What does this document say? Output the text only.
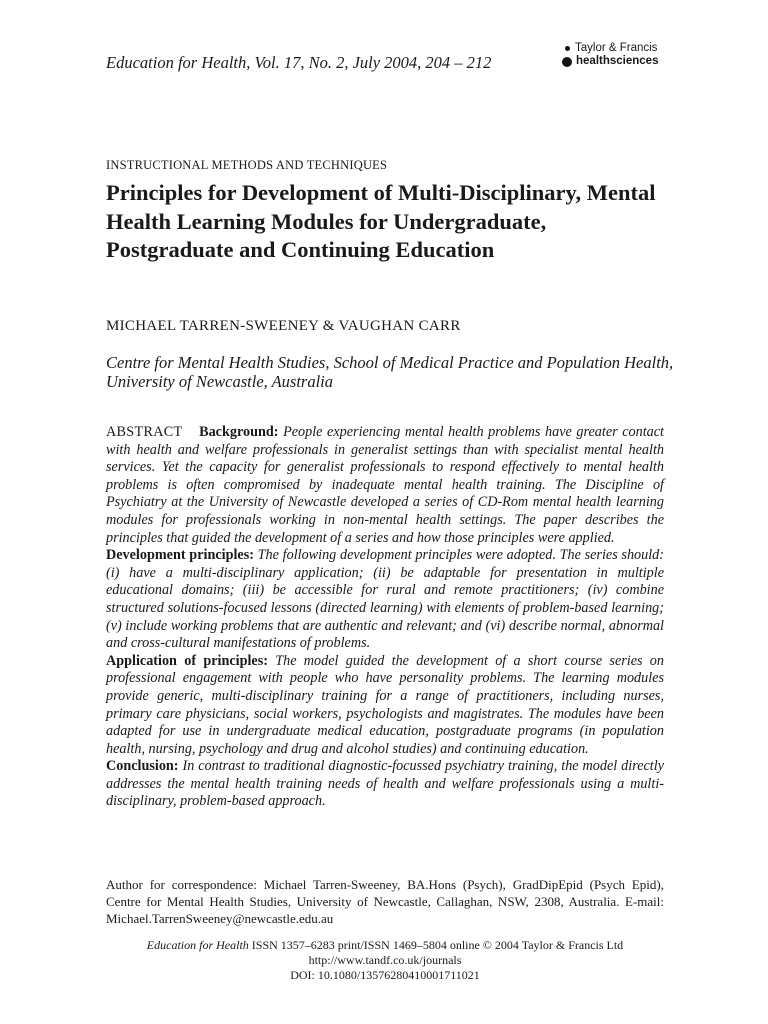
Education for Health, Vol. 17, No. 2, July 2004, 204 – 212
Taylor & Francis
healthsciences
INSTRUCTIONAL METHODS AND TECHNIQUES
Principles for Development of Multi-Disciplinary, Mental Health Learning Modules for Undergraduate, Postgraduate and Continuing Education
MICHAEL TARREN-SWEENEY & VAUGHAN CARR
Centre for Mental Health Studies, School of Medical Practice and Population Health, University of Newcastle, Australia

ABSTRACT Background: People experiencing mental health problems have greater contact with health and welfare professionals in generalist settings than with specialist mental health services. Yet the capacity for generalist professionals to respond effectively to mental health problems is often compromised by inadequate mental health training. The Discipline of Psychiatry at the University of Newcastle developed a series of CD-Rom mental health learning modules for professionals working in non-mental health settings. The paper describes the principles that guided the development of a series and how those principles were applied.

Development principles: The following development principles were adopted. The series should: (i) have a multi-disciplinary application; (ii) be adaptable for presentation in multiple educational domains; (iii) be accessible for rural and remote practitioners; (iv) combine structured solutions-focused lessons (directed learning) with elements of problem-based learning; (v) include working problems that are authentic and relevant; and (vi) describe normal, abnormal and cross-cultural manifestations of problems.

Application of principles: The model guided the development of a short course series on professional engagement with people who have personality problems. The learning modules provide generic, multi-disciplinary training for a range of practitioners, including nurses, primary care physicians, social workers, psychologists and magistrates. The modules have been adapted for use in undergraduate medical education, postgraduate programs (in population health, nursing, psychology and drug and alcohol studies) and continuing education.

Conclusion: In contrast to traditional diagnostic-focussed psychiatry training, the model directly addresses the mental health training needs of health and welfare professionals using a multi-disciplinary, problem-based approach.

Author for correspondence: Michael Tarren-Sweeney, BA.Hons (Psych), GradDipEpid (Psych Epid), Centre for Mental Health Studies, University of Newcastle, Callaghan, NSW, 2308, Australia. E-mail: Michael.TarrenSweeney@newcastle.edu.au
Education for Health ISSN 1357–6283 print/ISSN 1469–5804 online © 2004 Taylor & Francis Ltd
http://www.tandf.co.uk/journals
DOI: 10.1080/13576280410001711021
